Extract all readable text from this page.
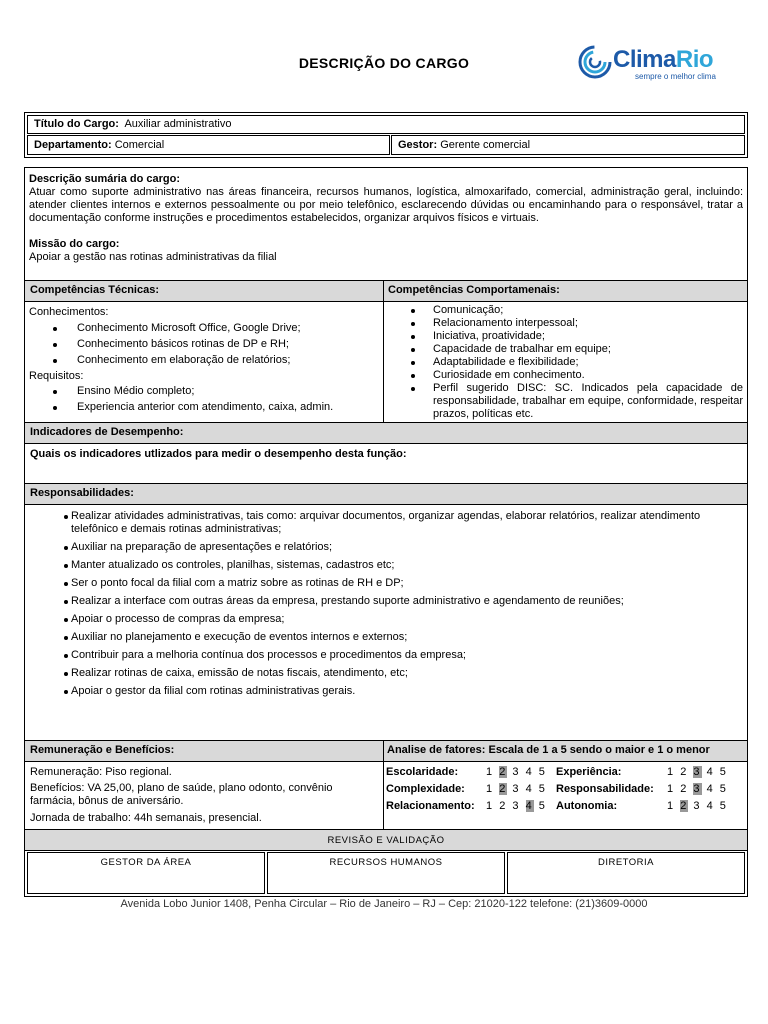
DESCRIÇÃO DO CARGO	ClimaRio
sempre o melhor clima
Título do Cargo: Auxiliar administrativo
Departamento: Comercial	Gestor: Gerente comercial
Descrição sumária do cargo:
Atuar como suporte administrativo nas áreas financeira, recursos humanos, logística, almoxarifado, comercial, administração geral, incluindo: atender clientes internos e externos pessoalmente ou por meio telefônico, esclarecendo dúvidas ou encaminhando para o responsável, tratar a documentação conforme instruções e procedimentos estabelecidos, organizar arquivos físicos e virtuais.
Missão do cargo:
Apoiar a gestão nas rotinas administrativas da filial
Competências Técnicas:	Competências Comportamenais:
Conhecimentos:
Conhecimento Microsoft Office, Google Drive;
Conhecimento básicos rotinas de DP e RH;
Conhecimento em elaboração de relatórios;
Requisitos:
Ensino Médio completo;
Experiencia anterior com atendimento, caixa, admin.
Comunicação;
Relacionamento interpessoal;
Iniciativa, proatividade;
Capacidade de trabalhar em equipe;
Adaptabilidade e flexibilidade;
Curiosidade em conhecimento.
Perfil sugerido DISC: SC. Indicados pela capacidade de responsabilidade, trabalhar em equipe, conformidade, respeitar prazos, políticas etc.
Indicadores de Desempenho:
Quais os indicadores utlizados para medir o desempenho desta função:
Responsabilidades:
Realizar atividades administrativas, tais como: arquivar documentos, organizar agendas, elaborar relatórios, realizar atendimento telefônico e demais rotinas administrativas;
Auxiliar na preparação de apresentações e relatórios;
Manter atualizado os controles, planilhas, sistemas, cadastros etc;
Ser o ponto focal da filial com a matriz sobre as rotinas de RH e DP;
Realizar a interface com outras áreas da empresa, prestando suporte administrativo e agendamento de reuniões;
Apoiar o processo de compras da empresa;
Auxiliar no planejamento e execução de eventos internos e externos;
Contribuir para a melhoria contínua dos processos e procedimentos da empresa;
Realizar rotinas de caixa, emissão de notas fiscais, atendimento, etc;
Apoiar o gestor da filial com rotinas administrativas gerais.
Remuneração e Benefícios:	Analise de fatores: Escala de 1 a 5 sendo o maior e 1 o menor
Remuneração: Piso regional.
Benefícios: VA 25,00, plano de saúde, plano odonto, convênio farmácia, bônus de aniversário.
Jornada de trabalho: 44h semanais, presencial.
Escolaridade:	1 2 3 4 5 Experiência:	1 2 3 4 5
Complexidade: 1 2 3 4 5 Responsabilidade: 1 2 3 4 5
Relacionamento: 1 2 3 4 5 Autonomia:	1 2 3 4 5
REVISÃO E VALIDAÇÃO
GESTOR DA ÁREA	RECURSOS HUMANOS	DIRETORIA
Avenida Lobo Junior 1408, Penha Circular – Rio de Janeiro – RJ – Cep: 21020-122 telefone: (21)3609-0000
